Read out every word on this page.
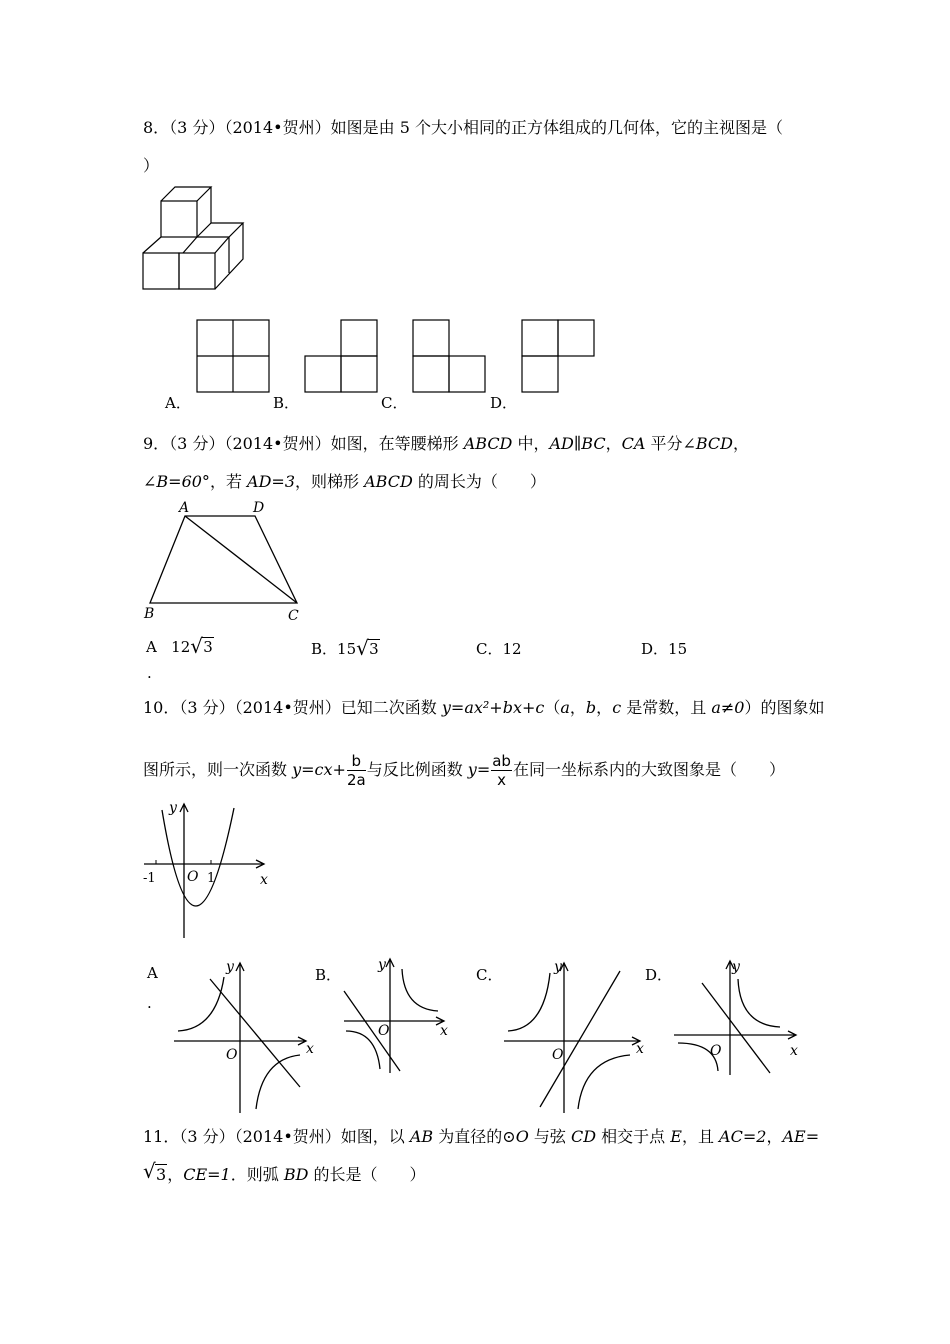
8．（3 分）（2014•贺州）如图是由 5 个大小相同的正方体组成的几何体，它的主视图是（
）
A．	B．	C．	D．
9．（3 分）（2014•贺州）如图，在等腰梯形 ABCD 中，AD∥BC，CA 平分∠BCD，
∠B=60°，若 AD=3，则梯形 ABCD 的周长为（　　）
A	D
B	C
A 12 √ 3
.
B．15 √ 3	C．12	D．15
10．（3 分）（2014•贺州）已知二次函数 y=ax²+bx+c（a，b，c 是常数，且 a≠0）的图象如
图所示，则一次函数 $y=cx+ \frac{b}{2a}$ 与反比例函数 $y= \frac{ab}{x}$ 在同一坐标系内的大致图象是（　　）
y
x
O
-1	1
A
.
y
x
O
B．
y
x
O
C．	y
x
O
D．	y
x
O
11．（3 分）（2014•贺州）如图，以 AB 为直径的⊙O 与弦 CD 相交于点 E，且 AC=2，AE=
√ 3，CE=1．则弧 BD 的长是（　　）
